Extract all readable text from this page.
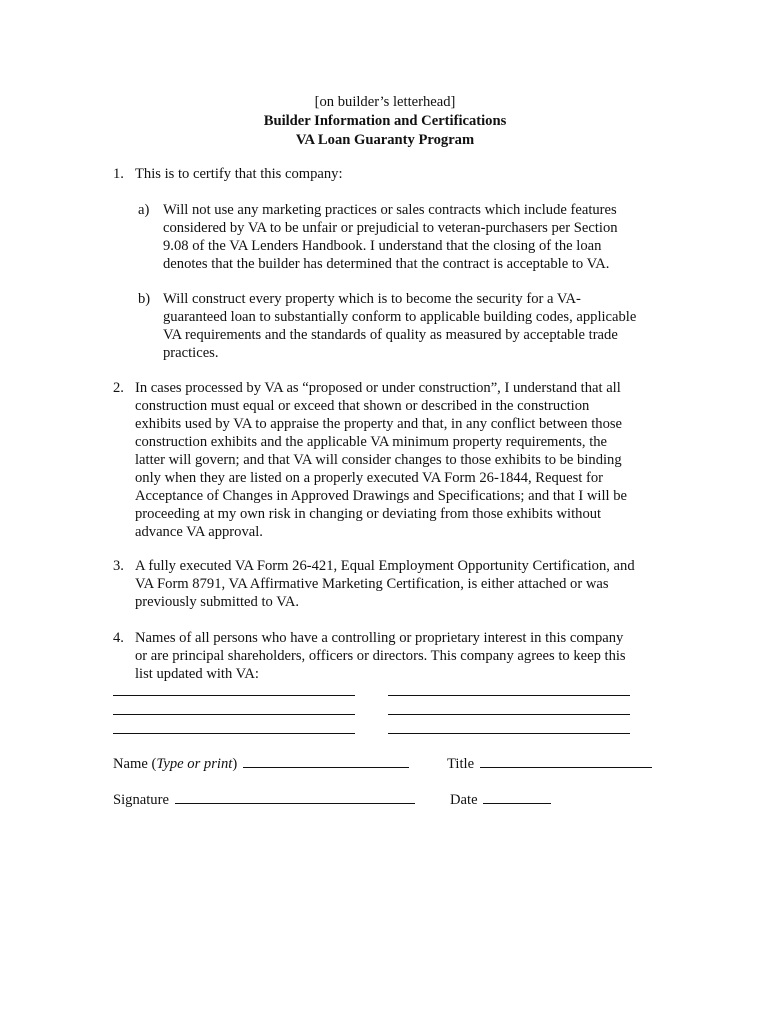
[on builder’s letterhead]
Builder Information and Certifications
VA Loan Guaranty Program
1. This is to certify that this company:
a) Will not use any marketing practices or sales contracts which include features
considered by VA to be unfair or prejudicial to veteran-purchasers per Section
9.08 of the VA Lenders Handbook. I understand that the closing of the loan
denotes that the builder has determined that the contract is acceptable to VA.
b) Will construct every property which is to become the security for a VA-
guaranteed loan to substantially conform to applicable building codes, applicable
VA requirements and the standards of quality as measured by acceptable trade
practices.
2. In cases processed by VA as “proposed or under construction”, I understand that all
construction must equal or exceed that shown or described in the construction
exhibits used by VA to appraise the property and that, in any conflict between those
construction exhibits and the applicable VA minimum property requirements, the
latter will govern; and that VA will consider changes to those exhibits to be binding
only when they are listed on a properly executed VA Form 26-1844, Request for
Acceptance of Changes in Approved Drawings and Specifications; and that I will be
proceeding at my own risk in changing or deviating from those exhibits without
advance VA approval.
3. A fully executed VA Form 26-421, Equal Employment Opportunity Certification, and
VA Form 8791, VA Affirmative Marketing Certification, is either attached or was
previously submitted to VA.
4. Names of all persons who have a controlling or proprietary interest in this company
or are principal shareholders, officers or directors. This company agrees to keep this
list updated with VA:
Name (Type or print)	Title
Signature	Date
